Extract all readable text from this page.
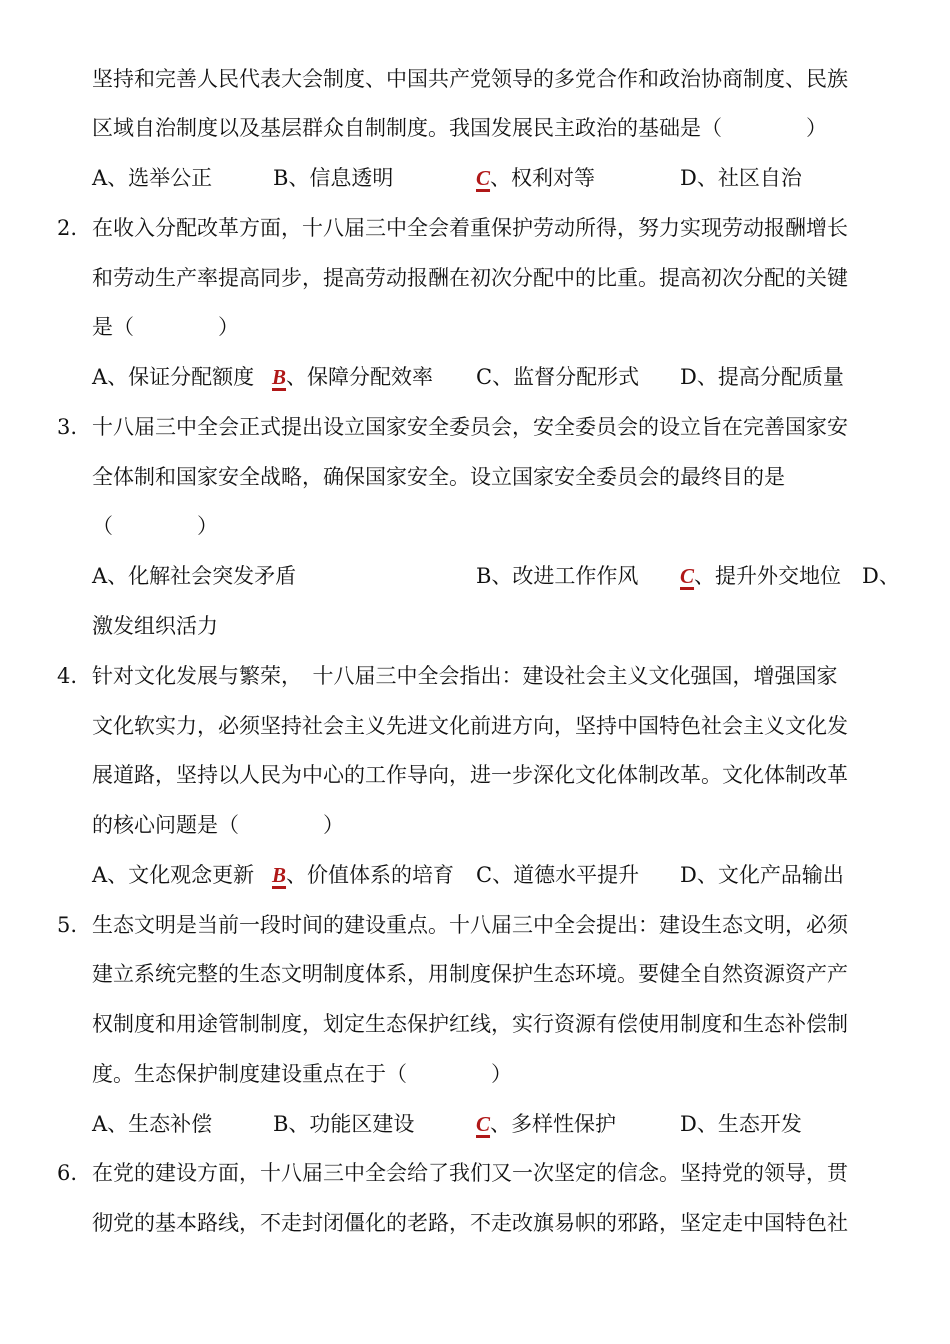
坚持和完善人民代表大会制度、中国共产党领导的多党合作和政治协商制度、民族
区域自治制度以及基层群众自制制度。我国发展民主政治的基础是（　　　　）
A、选举公正	B、信息透明	C、权利对等	D、社区自治
2. 在收入分配改革方面，十八届三中全会着重保护劳动所得，努力实现劳动报酬增长
和劳动生产率提高同步，提高劳动报酬在初次分配中的比重。提高初次分配的关键
是（　　　　）
A、保证分配额度 B、保障分配效率 C、监督分配形式 D、提高分配质量
3. 十八届三中全会正式提出设立国家安全委员会，安全委员会的设立旨在完善国家安
全体制和国家安全战略，确保国家安全。设立国家安全委员会的最终目的是
（　　　　）
A、化解社会突发矛盾	B、改进工作作风 C、提升外交地位 D、
激发组织活力
4. 针对文化发展与繁荣，　十八届三中全会指出：建设社会主义文化强国，增强国家
文化软实力，必须坚持社会主义先进文化前进方向，坚持中国特色社会主义文化发
展道路，坚持以人民为中心的工作导向，进一步深化文化体制改革。文化体制改革
的核心问题是（　　　　）
A、文化观念更新 B、价值体系的培育 C、道德水平提升 D、文化产品输出
5. 生态文明是当前一段时间的建设重点。十八届三中全会提出：建设生态文明，必须
建立系统完整的生态文明制度体系，用制度保护生态环境。要健全自然资源资产产
权制度和用途管制制度，划定生态保护红线，实行资源有偿使用制度和生态补偿制
度。生态保护制度建设重点在于（　　　　）
A、生态补偿	B、功能区建设	C、多样性保护	D、生态开发
6. 在党的建设方面，十八届三中全会给了我们又一次坚定的信念。坚持党的领导，贯
彻党的基本路线，不走封闭僵化的老路，不走改旗易帜的邪路，坚定走中国特色社
